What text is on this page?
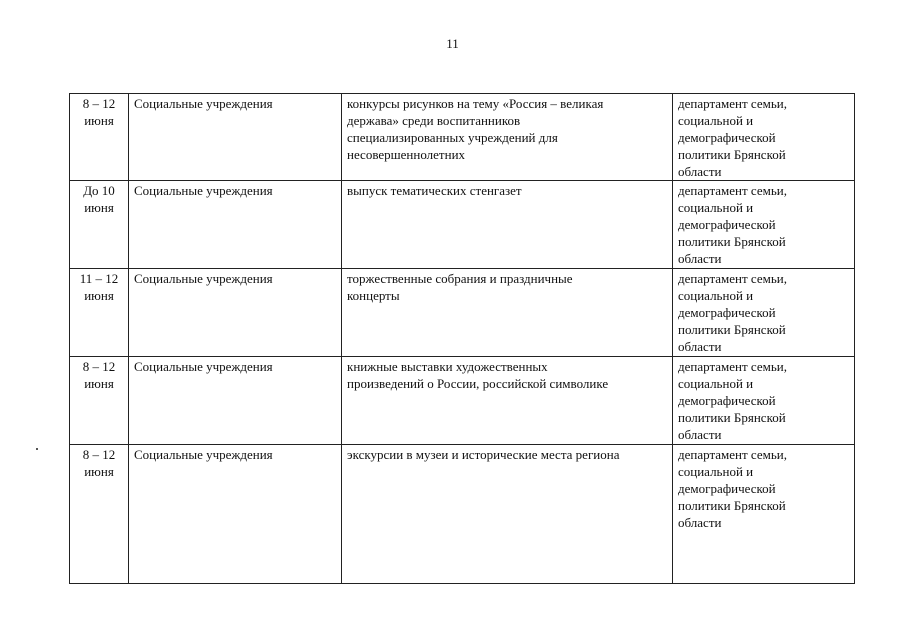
11
8 – 12
июня	Социальные учреждения	конкурсы рисунков на тему «Россия – великая
держава» среди воспитанников
специализированных учреждений для
несовершеннолетних	департамент семьи,
социальной и
демографической
политики Брянской
области

До 10
июня	Социальные учреждения	выпуск тематических стенгазет	департамент семьи,
социальной и
демографической
политики Брянской
области

11 – 12
июня	Социальные учреждения	торжественные собрания и праздничные
концерты	департамент семьи,
социальной и
демографической
политики Брянской
области

8 – 12
июня	Социальные учреждения	книжные выставки художественных
произведений о России, российской символике	департамент семьи,
социальной и
демографической
политики Брянской
области

8 – 12
июня	Социальные учреждения	экскурсии в музеи и исторические места региона	департамент семьи,
социальной и
демографической
политики Брянской
области
